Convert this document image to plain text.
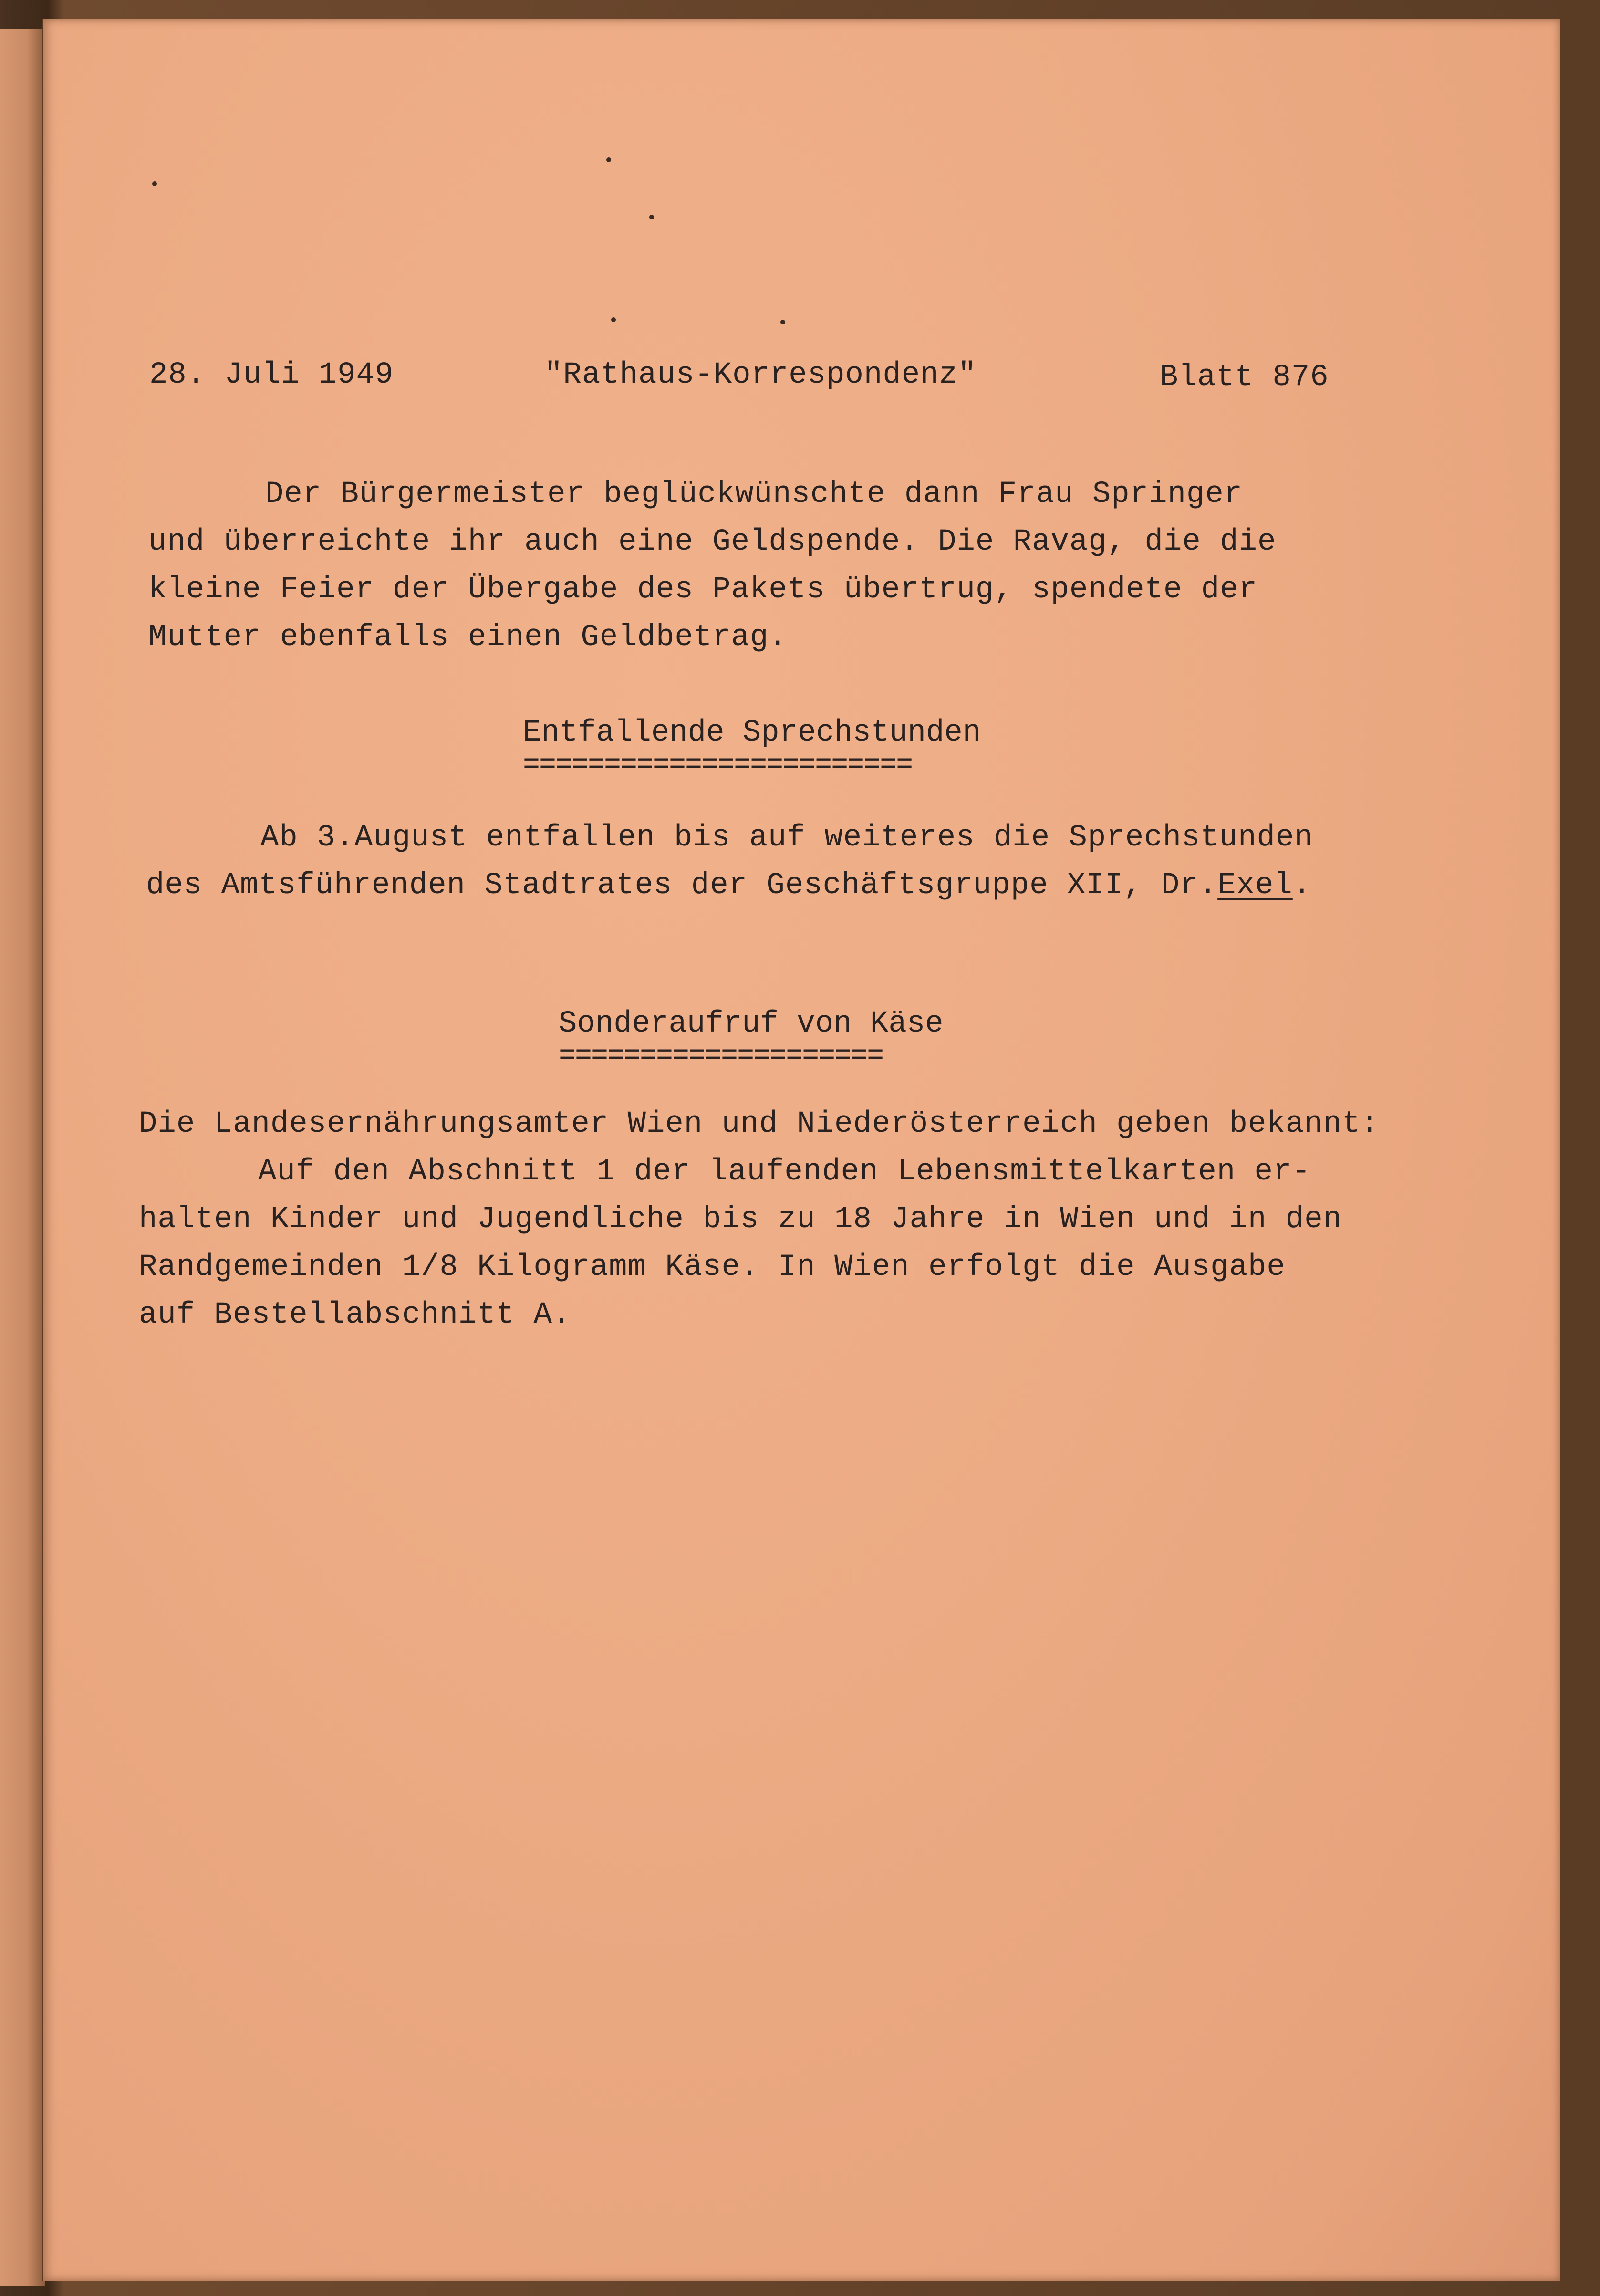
28. Juli 1949	"Rathaus-Korrespondenz"	Blatt 876
Der Bürgermeister beglückwünschte dann Frau Springer
und überreichte ihr auch eine Geldspende. Die Ravag, die die
kleine Feier der Übergabe des Pakets übertrug, spendete der
Mutter ebenfalls einen Geldbetrag.
Entfallende Sprechstunden
========================
Ab 3.August entfallen bis auf weiteres die Sprechstunden
des Amtsführenden Stadtrates der Geschäftsgruppe XII, Dr.Exel.
Sonderaufruf von Käse
====================
Die Landesernährungsamter Wien und Niederösterreich geben bekannt:
Auf den Abschnitt 1 der laufenden Lebensmittelkarten er-
halten Kinder und Jugendliche bis zu 18 Jahre in Wien und in den
Randgemeinden 1/8 Kilogramm Käse. In Wien erfolgt die Ausgabe
auf Bestellabschnitt A.
